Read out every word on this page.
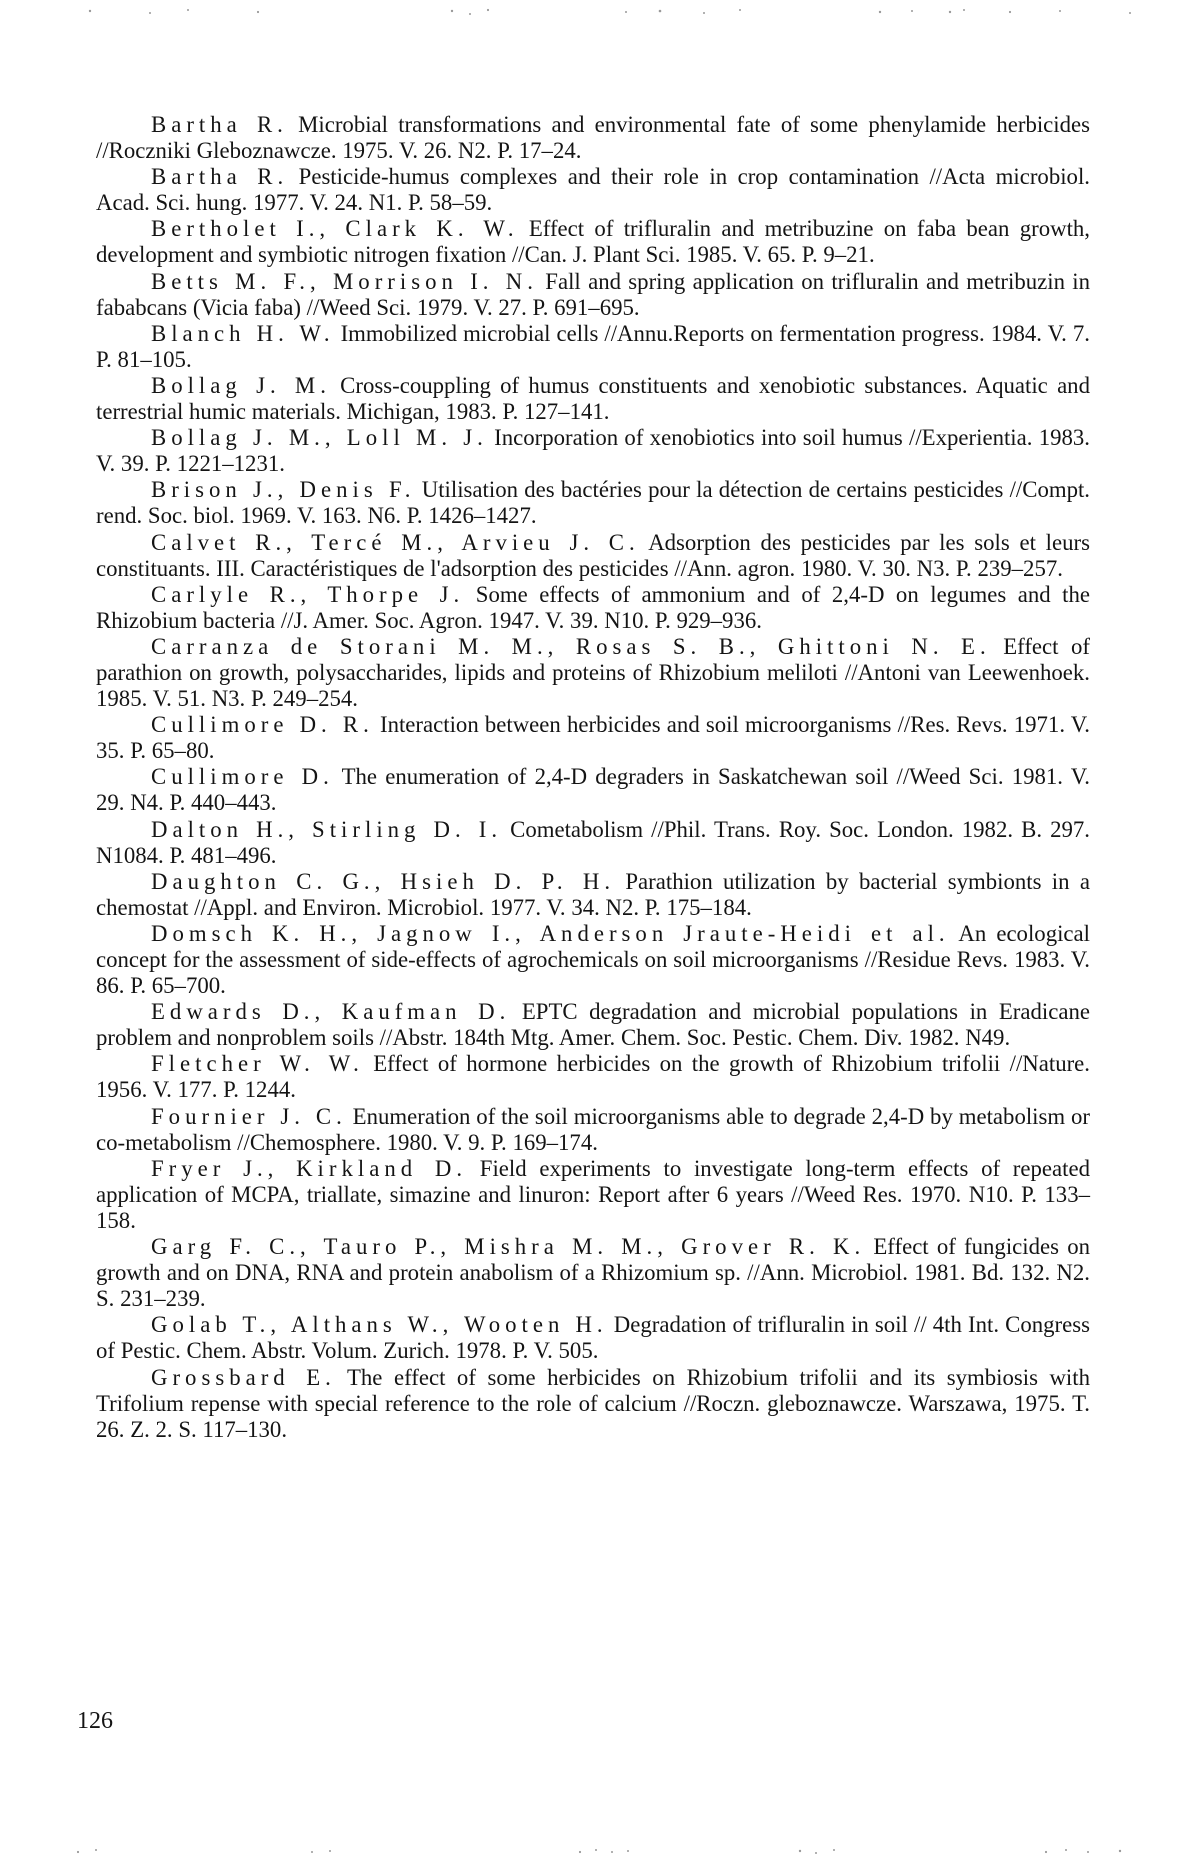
Bartha R. Microbial transformations and environmental fate of some phenylamide herbicides //Roczniki Gleboznawcze. 1975. V. 26. N2. P. 17–24.

Bartha R. Pesticide-humus complexes and their role in crop contamination //Acta microbiol. Acad. Sci. hung. 1977. V. 24. N1. P. 58–59.

Bertholet I., Clark K. W. Effect of trifluralin and metribuzine on faba bean growth, development and symbiotic nitrogen fixation //Can. J. Plant Sci. 1985. V. 65. P. 9–21.

Betts M. F., Morrison I. N. Fall and spring application on trifluralin and metribuzin in fababcans (Vicia faba) //Weed Sci. 1979. V. 27. P. 691–695.

Blanch H. W. Immobilized microbial cells //Annu.Reports on fermentation progress. 1984. V. 7. P. 81–105.

Bollag J. M. Cross-couppling of humus constituents and xenobiotic substances. Aquatic and terrestrial humic materials. Michigan, 1983. P. 127–141.

Bollag J. M., Loll M. J. Incorporation of xenobiotics into soil humus //Experientia. 1983. V. 39. P. 1221–1231.

Brison J., Denis F. Utilisation des bactéries pour la détection de certains pesticides //Compt. rend. Soc. biol. 1969. V. 163. N6. P. 1426–1427.

Calvet R., Tercé M., Arvieu J. C. Adsorption des pesticides par les sols et leurs constituants. III. Caractéristiques de l'adsorption des pesticides //Ann. agron. 1980. V. 30. N3. P. 239–257.

Carlyle R., Thorpe J. Some effects of ammonium and of 2,4-D on legumes and the Rhizobium bacteria //J. Amer. Soc. Agron. 1947. V. 39. N10. P. 929–936.

Carranza de Storani M. M., Rosas S. B., Ghittoni N. E. Effect of parathion on growth, polysaccharides, lipids and proteins of Rhizobium meliloti //Antoni van Leewenhoek. 1985. V. 51. N3. P. 249–254.

Cullimore D. R. Interaction between herbicides and soil microorganisms //Res. Revs. 1971. V. 35. P. 65–80.

Cullimore D. The enumeration of 2,4-D degraders in Saskatchewan soil //Weed Sci. 1981. V. 29. N4. P. 440–443.

Dalton H., Stirling D. I. Cometabolism //Phil. Trans. Roy. Soc. London. 1982. B. 297. N1084. P. 481–496.

Daughton C. G., Hsieh D. P. H. Parathion utilization by bacterial symbionts in a chemostat //Appl. and Environ. Microbiol. 1977. V. 34. N2. P. 175–184.

Domsch K. H., Jagnow I., Anderson Jraute-Heidi et al. An ecological concept for the assessment of side-effects of agrochemicals on soil microorganisms //Residue Revs. 1983. V. 86. P. 65–700.

Edwards D., Kaufman D. EPTC degradation and microbial populations in Eradicane problem and nonproblem soils //Abstr. 184th Mtg. Amer. Chem. Soc. Pestic. Chem. Div. 1982. N49.

Fletcher W. W. Effect of hormone herbicides on the growth of Rhizobium trifolii //Nature. 1956. V. 177. P. 1244.

Fournier J. C. Enumeration of the soil microorganisms able to degrade 2,4-D by metabolism or co-metabolism //Chemosphere. 1980. V. 9. P. 169–174.

Fryer J., Kirkland D. Field experiments to investigate long-term effects of repeated application of MCPA, triallate, simazine and linuron: Report after 6 years //Weed Res. 1970. N10. P. 133–158.

Garg F. C., Tauro P., Mishra M. M., Grover R. K. Effect of fungicides on growth and on DNA, RNA and protein anabolism of a Rhizomium sp. //Ann. Microbiol. 1981. Bd. 132. N2. S. 231–239.

Golab T., Althans W., Wooten H. Degradation of trifluralin in soil // 4th Int. Congress of Pestic. Chem. Abstr. Volum. Zurich. 1978. P. V. 505.

Grossbard E. The effect of some herbicides on Rhizobium trifolii and its symbiosis with Trifolium repense with special reference to the role of calcium //Roczn. gleboznawcze. Warszawa, 1975. T. 26. Z. 2. S. 117–130.

126
